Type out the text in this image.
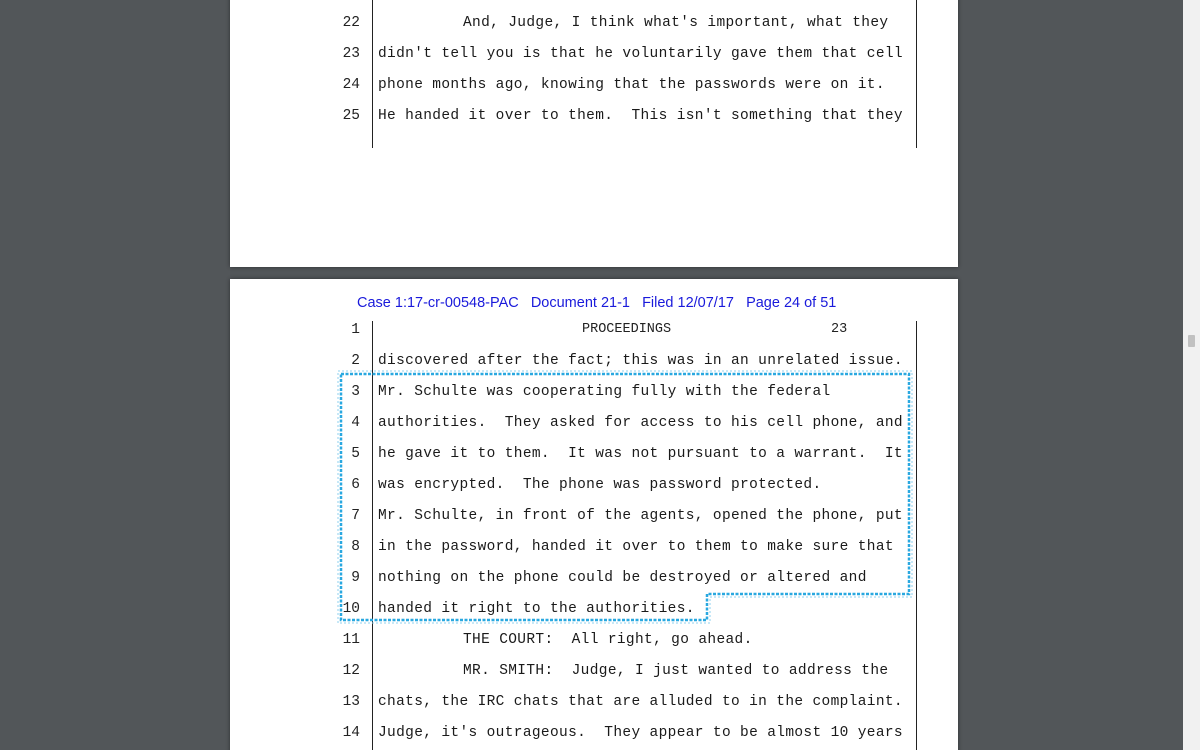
22	And, Judge, I think what's important, what they
23 didn't tell you is that he voluntarily gave them that cell
24 phone months ago, knowing that the passwords were on it.
25 He handed it over to them.  This isn't something that they
Case 1:17-cr-00548-PAC Document 21-1 Filed 12/07/17 Page 24 of 51
1	PROCEEDINGS	23
2 discovered after the fact; this was in an unrelated issue.
3 Mr. Schulte was cooperating fully with the federal
4 authorities.  They asked for access to his cell phone, and
5 he gave it to them.  It was not pursuant to a warrant.  It
6 was encrypted.  The phone was password protected.
7 Mr. Schulte, in front of the agents, opened the phone, put
8 in the password, handed it over to them to make sure that
9 nothing on the phone could be destroyed or altered and
10 handed it right to the authorities.
11	THE COURT:  All right, go ahead.
12	MR. SMITH:  Judge, I just wanted to address the
13 chats, the IRC chats that are alluded to in the complaint.
14 Judge, it's outrageous.  They appear to be almost 10 years
